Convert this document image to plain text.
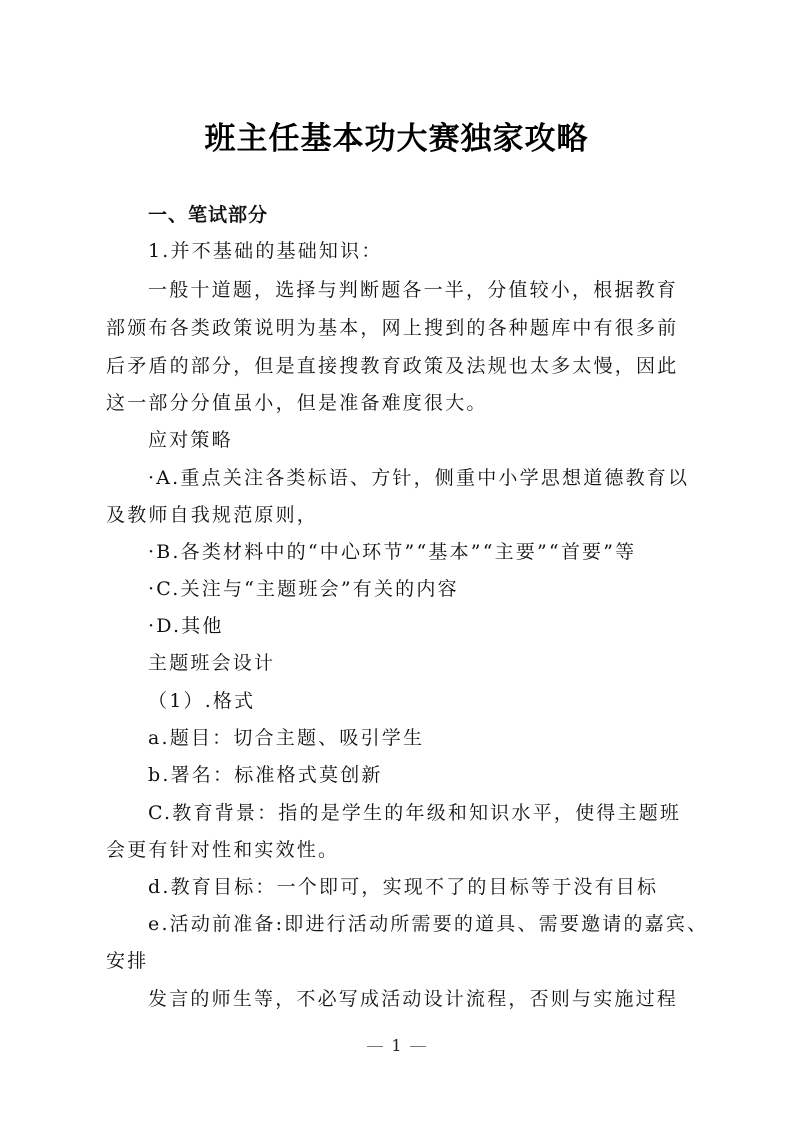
班主任基本功大赛独家攻略
一、笔试部分
1.并不基础的基础知识：
一般十道题，选择与判断题各一半，分值较小，根据教育
部颁布各类政策说明为基本，网上搜到的各种题库中有很多前
后矛盾的部分，但是直接搜教育政策及法规也太多太慢，因此
这一部分分值虽小，但是准备难度很大。
应对策略
·A.重点关注各类标语、方针，侧重中小学思想道德教育以
及教师自我规范原则，
·B.各类材料中的“中心环节”“基本”“主要”“首要”等
·C.关注与“主题班会”有关的内容
·D.其他
主题班会设计
（1）.格式
a.题目：切合主题、吸引学生
b.署名：标准格式莫创新
C.教育背景：指的是学生的年级和知识水平，使得主题班
会更有针对性和实效性。
d.教育目标：一个即可，实现不了的目标等于没有目标
e.活动前准备:即进行活动所需要的道具、需要邀请的嘉宾、
安排
发言的师生等，不必写成活动设计流程，否则与实施过程
1
